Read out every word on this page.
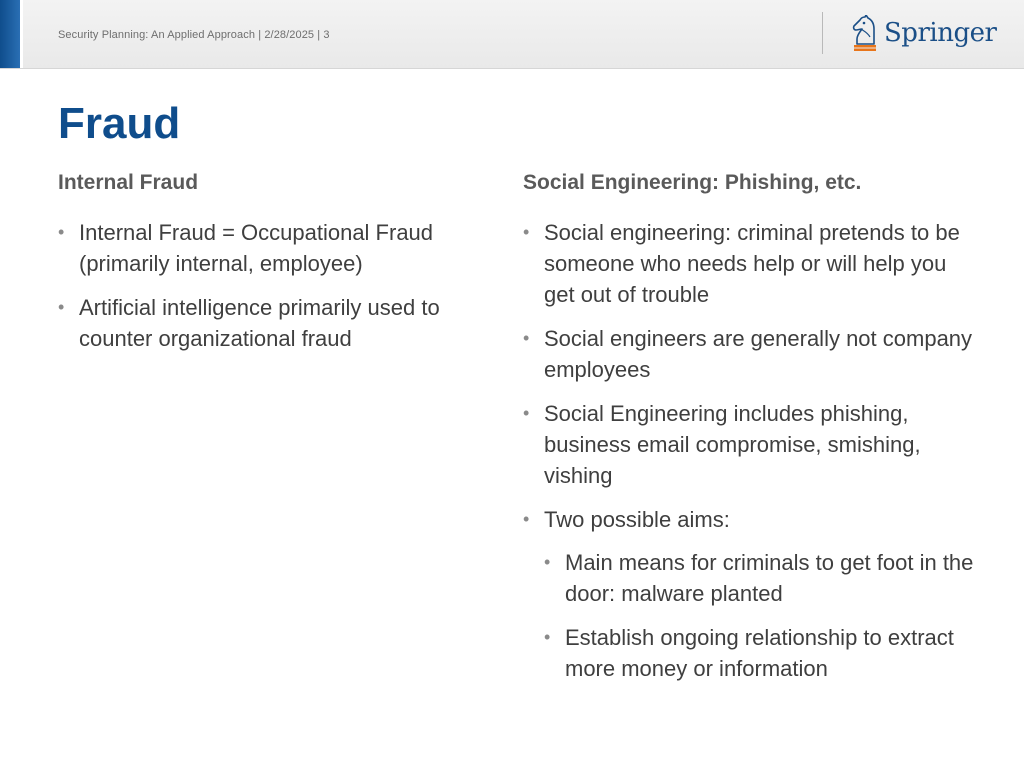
Security Planning: An Applied Approach | 2/28/2025 | 3	Springer
Fraud
Internal Fraud
• Internal Fraud = Occupational Fraud (primarily internal, employee)
• Artificial intelligence primarily used to counter organizational fraud
Social Engineering: Phishing, etc.
• Social engineering: criminal pretends to be someone who needs help or will help you get out of trouble
• Social engineers are generally not company employees
• Social Engineering includes phishing, business email compromise, smishing, vishing
• Two possible aims:
• Main means for criminals to get foot in the door: malware planted
• Establish ongoing relationship to extract more money or information
